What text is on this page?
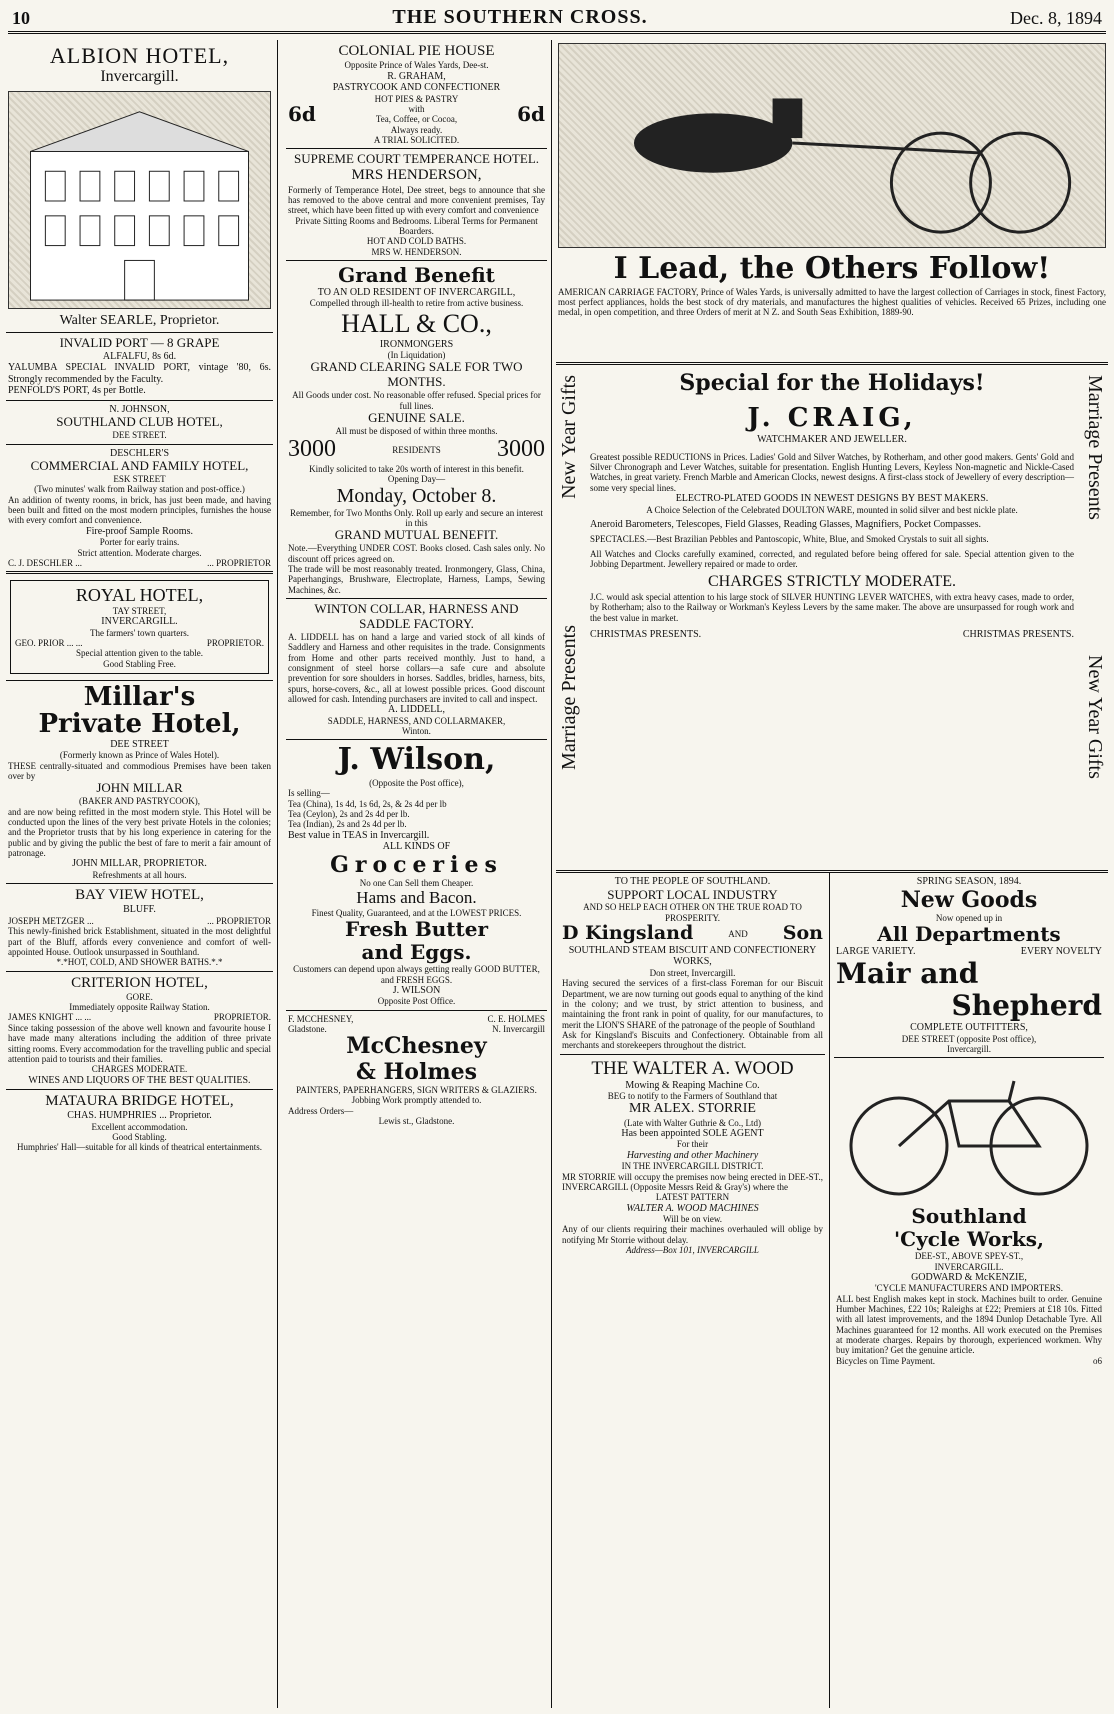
10	THE SOUTHERN CROSS.	Dec. 8, 1894
ALBION HOTEL,
Invercargill.
Walter SEARLE, Proprietor.
INVALID PORT — 8 GRAPE
ALFALFU, 8s 6d.
YALUMBA SPECIAL INVALID PORT, vintage '80, 6s. Strongly recommended by the Faculty.
PENFOLD'S PORT, 4s per Bottle.
N. JOHNSON,
SOUTHLAND CLUB HOTEL,
DEE STREET.
DESCHLER'S
COMMERCIAL AND FAMILY HOTEL,
ESK STREET
(Two minutes' walk from Railway station and post-office.)
An addition of twenty rooms, in brick, has just been made, and having been built and fitted on the most modern principles, furnishes the house with every comfort and convenience.
Fire-proof Sample Rooms.
Porter for early trains.
Strict attention. Moderate charges.
C. J. DESCHLER ...	... PROPRIETOR
ROYAL HOTEL,
TAY STREET,
INVERCARGILL.
The farmers' town quarters.
GEO. PRIOR ... ...	PROPRIETOR.
Special attention given to the table.
Good Stabling Free.
Millar's
Private Hotel,
DEE STREET
(Formerly known as Prince of Wales Hotel).
THESE centrally-situated and commodious Premises have been taken over by
JOHN MILLAR
(BAKER AND PASTRYCOOK),
and are now being refitted in the most modern style. This Hotel will be conducted upon the lines of the very best private Hotels in the colonies; and the Proprietor trusts that by his long experience in catering for the public and by giving the public the best of fare to merit a fair amount of patronage.
JOHN MILLAR, PROPRIETOR.
Refreshments at all hours.
BAY VIEW HOTEL,
BLUFF.
JOSEPH METZGER ...	... PROPRIETOR
This newly-finished brick Establishment, situated in the most delightful part of the Bluff, affords every convenience and comfort of well-appointed House. Outlook unsurpassed in Southland.
*.*HOT, COLD, AND SHOWER BATHS.*.*
CRITERION HOTEL,
GORE.
Immediately opposite Railway Station.
JAMES KNIGHT ... ...	PROPRIETOR.
Since taking possession of the above well known and favourite house I have made many alterations including the addition of three private sitting rooms. Every accommodation for the travelling public and special attention paid to tourists and their families.
CHARGES MODERATE.
WINES AND LIQUORS OF THE BEST QUALITIES.
MATAURA BRIDGE HOTEL,
CHAS. HUMPHRIES ... Proprietor.
Excellent accommodation.
Good Stabling.
Humphries' Hall—suitable for all kinds of theatrical entertainments.
COLONIAL PIE HOUSE
Opposite Prince of Wales Yards, Dee-st.
R. GRAHAM,
PASTRYCOOK AND CONFECTIONER
6d
HOT PIES & PASTRY
with
Tea, Coffee, or Cocoa,
Always ready.
6d
A TRIAL SOLICITED.
SUPREME COURT TEMPERANCE HOTEL.
MRS HENDERSON,
Formerly of Temperance Hotel, Dee street, begs to announce that she has removed to the above central and more convenient premises, Tay street, which have been fitted up with every comfort and convenience
Private Sitting Rooms and Bedrooms. Liberal Terms for Permanent Boarders.
HOT AND COLD BATHS.
MRS W. HENDERSON.
Grand Benefit
TO AN OLD RESIDENT OF INVERCARGILL,
Compelled through ill-health to retire from active business.
HALL & CO.,
IRONMONGERS
(In Liquidation)
GRAND CLEARING SALE FOR TWO MONTHS.
All Goods under cost. No reasonable offer refused. Special prices for full lines.
GENUINE SALE.
All must be disposed of within three months.
3000	RESIDENTS 3000
Kindly solicited to take 20s worth of interest in this benefit.
Opening Day—
Monday, October 8.
Remember, for Two Months Only. Roll up early and secure an interest in this
GRAND MUTUAL BENEFIT.
Note.—Everything UNDER COST. Books closed. Cash sales only. No discount off prices agreed on.
The trade will be most reasonably treated. Ironmongery, Glass, China, Paperhangings, Brushware, Electroplate, Harness, Lamps, Sewing Machines, &c.
WINTON COLLAR, HARNESS AND SADDLE FACTORY.
A. LIDDELL has on hand a large and varied stock of all kinds of Saddlery and Harness and other requisites in the trade. Consignments from Home and other parts received monthly. Just to hand, a consignment of steel horse collars—a safe cure and absolute prevention for sore shoulders in horses. Saddles, bridles, harness, bits, spurs, horse-covers, &c., all at lowest possible prices. Good discount allowed for cash. Intending purchasers are invited to call and inspect.
A. LIDDELL,
SADDLE, HARNESS, AND COLLARMAKER,
Winton.
J. Wilson,
(Opposite the Post office),
Is selling—
Tea (China), 1s 4d, 1s 6d, 2s, & 2s 4d per lb
Tea (Ceylon), 2s and 2s 4d per lb.
Tea (Indian), 2s and 2s 4d per lb.
Best value in TEAS in Invercargill.
ALL KINDS OF
Groceries
No one Can Sell them Cheaper.
Hams and Bacon.
Finest Quality, Guaranteed, and at the LOWEST PRICES.
Fresh Butter
and Eggs.
Customers can depend upon always getting really GOOD BUTTER, and FRESH EGGS.
J. WILSON
Opposite Post Office.
F. MCCHESNEY,	C. E. HOLMES
Gladstone.	N. Invercargill
McChesney
& Holmes
PAINTERS, PAPERHANGERS, SIGN WRITERS & GLAZIERS.
Jobbing Work promptly attended to.
Address Orders—
Lewis st., Gladstone.
I Lead, the Others Follow!
AMERICAN CARRIAGE FACTORY, Prince of Wales Yards, is universally admitted to have the largest collection of Carriages in stock, finest Factory, most perfect appliances, holds the best stock of dry materials, and manufactures the highest qualities of vehicles. Received 65 Prizes, including one medal, in open competition, and three Orders of merit at N Z. and South Seas Exhibition, 1889-90.
New Year Gifts
Marriage Presents
Marriage Presents
New Year Gifts
Special for the Holidays!
J. CRAIG,
WATCHMAKER AND JEWELLER.
Greatest possible REDUCTIONS in Prices. Ladies' Gold and Silver Watches, by Rotherham, and other good makers. Gents' Gold and Silver Chronograph and Lever Watches, suitable for presentation. English Hunting Levers, Keyless Non-magnetic and Nickle-Cased Watches, in great variety. French Marble and American Clocks, newest designs. A first-class stock of Jewellery of every description—some very special lines.
ELECTRO-PLATED GOODS IN NEWEST DESIGNS BY BEST MAKERS.
A Choice Selection of the Celebrated DOULTON WARE, mounted in solid silver and best nickle plate.
Aneroid Barometers, Telescopes, Field Glasses, Reading Glasses, Magnifiers, Pocket Compasses.
SPECTACLES.—Best Brazilian Pebbles and Pantoscopic, White, Blue, and Smoked Crystals to suit all sights.
All Watches and Clocks carefully examined, corrected, and regulated before being offered for sale. Special attention given to the Jobbing Department. Jewellery repaired or made to order.
CHARGES STRICTLY MODERATE.
J.C. would ask special attention to his large stock of SILVER HUNTING LEVER WATCHES, with extra heavy cases, made to order, by Rotherham; also to the Railway or Workman's Keyless Levers by the same maker. The above are unsurpassed for rough work and the best value in market.
CHRISTMAS PRESENTS.	CHRISTMAS PRESENTS.
TO THE PEOPLE OF SOUTHLAND.
SUPPORT LOCAL INDUSTRY
AND SO HELP EACH OTHER ON THE TRUE ROAD TO PROSPERITY.
D Kingsland	AND Son
SOUTHLAND STEAM BISCUIT AND CONFECTIONERY WORKS,
Don street, Invercargill.
Having secured the services of a first-class Foreman for our Biscuit Department, we are now turning out goods equal to anything of the kind in the colony; and we trust, by strict attention to business, and maintaining the front rank in point of quality, for our manufactures, to merit the LION'S SHARE of the patronage of the people of Southland
Ask for Kingsland's Biscuits and Confectionery. Obtainable from all merchants and storekeepers throughout the district.
THE WALTER A. WOOD
Mowing & Reaping Machine Co.
BEG to notify to the Farmers of Southland that
MR ALEX. STORRIE
(Late with Walter Guthrie & Co., Ltd)
Has been appointed SOLE AGENT
For their
Harvesting and other Machinery
IN THE INVERCARGILL DISTRICT.
MR STORRIE will occupy the premises now being erected in DEE-ST., INVERCARGILL (Opposite Messrs Reid & Gray's) where the
LATEST PATTERN
WALTER A. WOOD MACHINES
Will be on view.
Any of our clients requiring their machines overhauled will oblige by notifying Mr Storrie without delay.
Address—Box 101, INVERCARGILL
SPRING SEASON, 1894.
New Goods
Now opened up in
All Departments
LARGE VARIETY.	EVERY NOVELTY
Mair and
Shepherd
COMPLETE OUTFITTERS,
DEE STREET (opposite Post office),
Invercargill.
Southland
'Cycle Works,
DEE-ST., ABOVE SPEY-ST.,
INVERCARGILL.
GODWARD & McKENZIE,
'CYCLE MANUFACTURERS AND IMPORTERS.
ALL best English makes kept in stock. Machines built to order. Genuine Humber Machines, £22 10s; Raleighs at £22; Premiers at £18 10s. Fitted with all latest improvements, and the 1894 Dunlop Detachable Tyre. All Machines guaranteed for 12 months. All work executed on the Premises at moderate charges. Repairs by thorough, experienced workmen. Why buy imitation? Get the genuine article.
Bicycles on Time Payment.	o6
